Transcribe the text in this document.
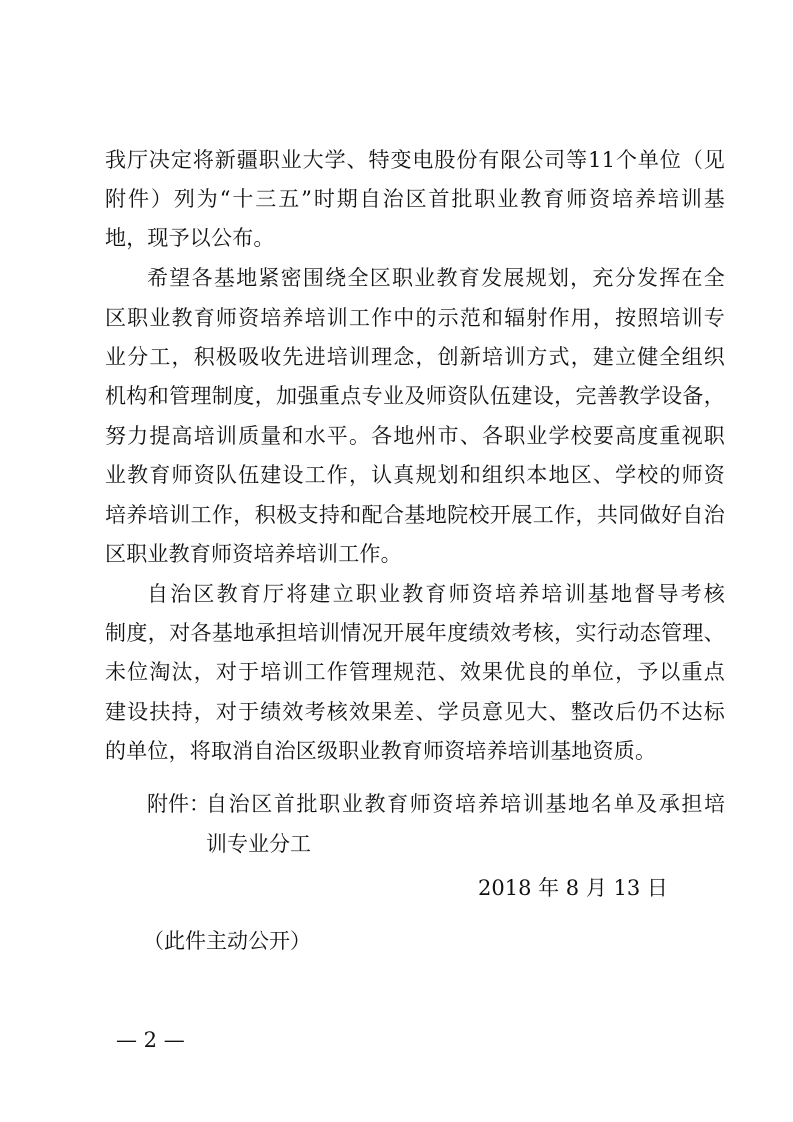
我厅决定将新疆职业大学、特变电股份有限公司等11个单位（见
附件）列为“十三五”时期自治区首批职业教育师资培养培训基
地，现予以公布。
希望各基地紧密围绕全区职业教育发展规划，充分发挥在全
区职业教育师资培养培训工作中的示范和辐射作用，按照培训专
业分工，积极吸收先进培训理念，创新培训方式，建立健全组织
机构和管理制度，加强重点专业及师资队伍建设，完善教学设备，
努力提高培训质量和水平。各地州市、各职业学校要高度重视职
业教育师资队伍建设工作，认真规划和组织本地区、学校的师资
培养培训工作，积极支持和配合基地院校开展工作，共同做好自治
区职业教育师资培养培训工作。
自治区教育厅将建立职业教育师资培养培训基地督导考核
制度，对各基地承担培训情况开展年度绩效考核，实行动态管理、
未位淘汰，对于培训工作管理规范、效果优良的单位，予以重点
建设扶持，对于绩效考核效果差、学员意见大、整改后仍不达标
的单位，将取消自治区级职业教育师资培养培训基地资质。
附件：
自治区首批职业教育师资培养培训基地名单及承担培
训专业分工
2018 年 8 月 13 日
（此件主动公开）
— 2 —
